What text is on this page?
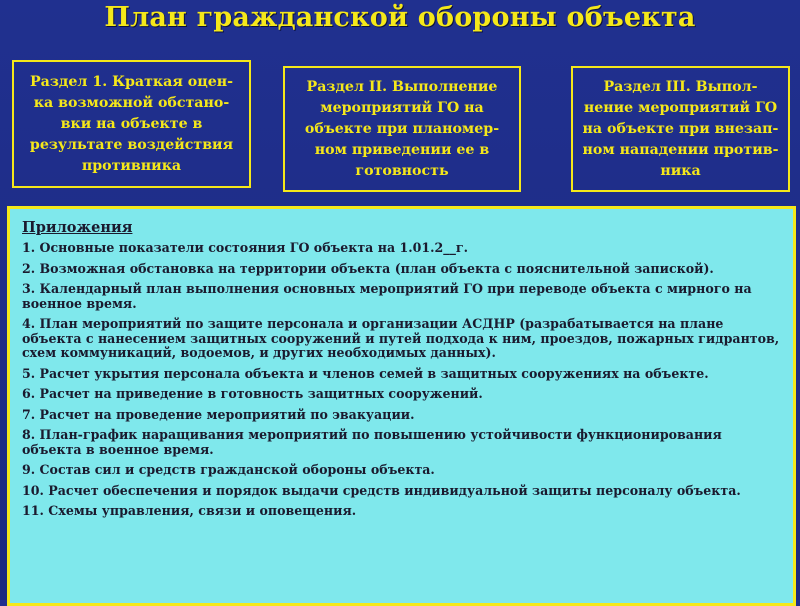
План гражданской обороны объекта
Раздел 1. Краткая оцен-ка возможной обстано-вки на объекте в результате воздействия противника
Раздел II. Выполнение мероприятий ГО на объекте при планомер-ном приведении ее в готовность
Раздел III. Выпол-нение мероприятий ГО на объекте при внезап-ном нападении против-ника
Приложения
1. Основные показатели состояния ГО объекта на 1.01.2__г.
2. Возможная обстановка на территории объекта (план объекта с пояснительной запиской).
3. Календарный план выполнения основных мероприятий ГО при переводе объекта с мирного на военное время.
4. План мероприятий по защите персонала и организации АСДНР (разрабатывается на плане объекта с нанесением защитных сооружений и путей подхода к ним, проездов, пожарных гидрантов, схем коммуникаций, водоемов, и других необходимых данных).
5. Расчет укрытия персонала объекта и членов семей в защитных сооружениях на объекте.
6. Расчет на приведение в готовность защитных сооружений.
7. Расчет на проведение мероприятий по эвакуации.
8. План-график наращивания мероприятий по повышению устойчивости функционирования объекта в военное время.
9. Состав сил и средств гражданской обороны объекта.
10. Расчет обеспечения и порядок выдачи средств индивидуальной защиты персоналу объекта.
11. Схемы управления, связи и оповещения.
